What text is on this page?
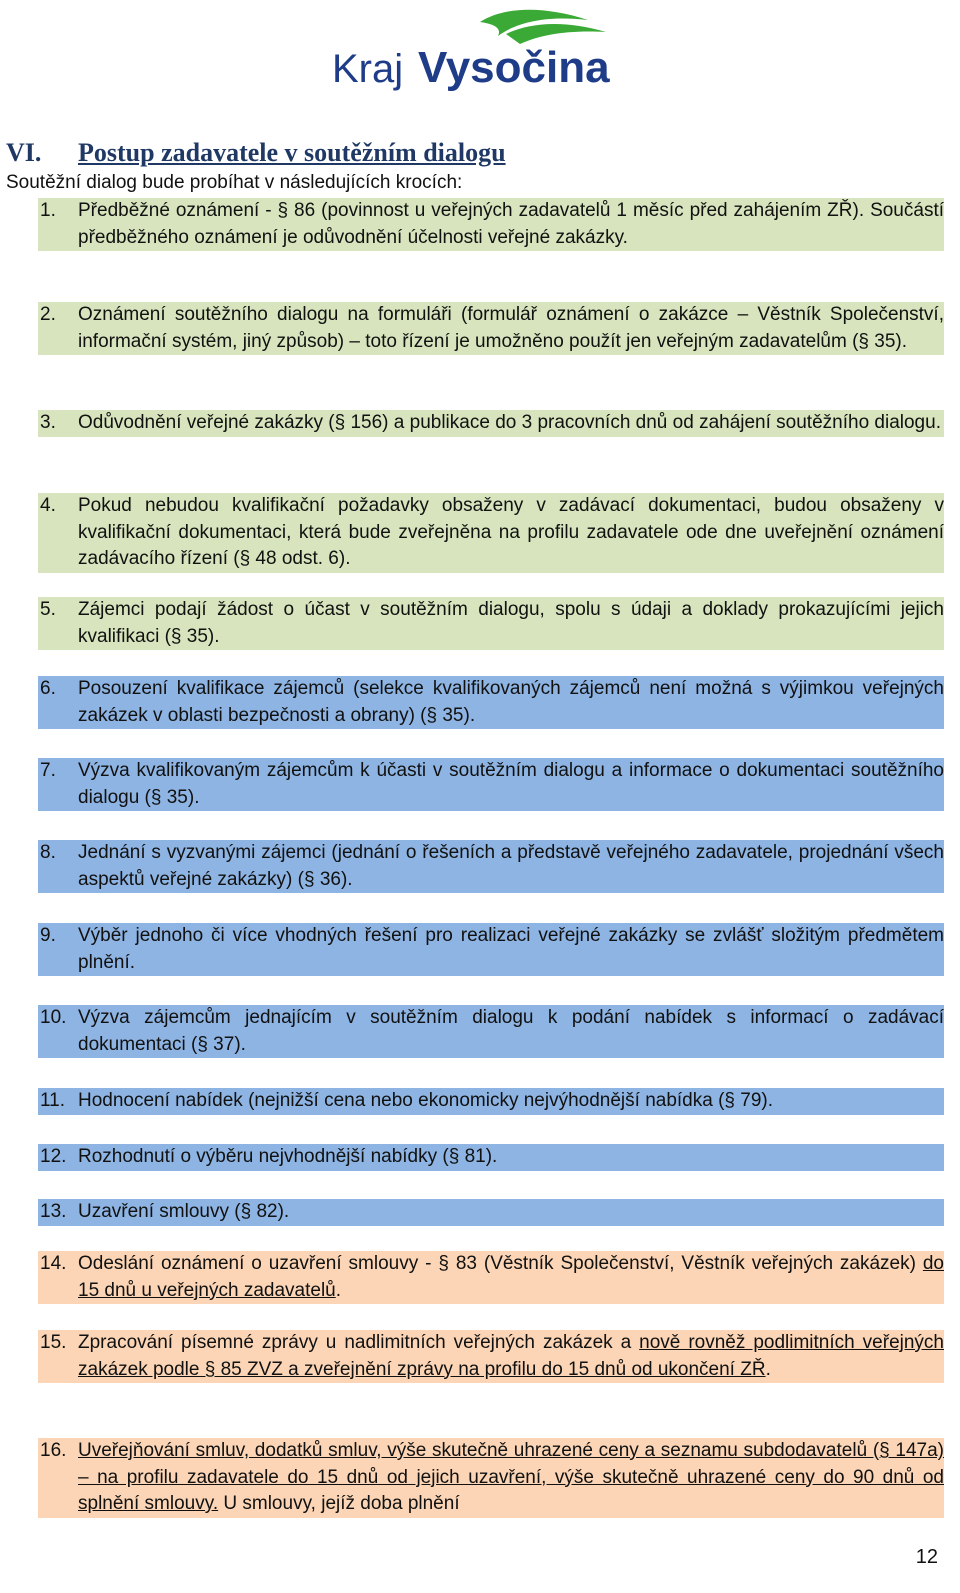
Kraj Vysočina
VI. Postup zadavatele v soutěžním dialogu
Soutěžní dialog bude probíhat v následujících krocích:
1. Předběžné oznámení - § 86 (povinnost u veřejných zadavatelů 1 měsíc před zahájením ZŘ). Součástí předběžného oznámení je odůvodnění účelnosti veřejné zakázky.
2. Oznámení soutěžního dialogu na formuláři (formulář oznámení o zakázce – Věstník Společenství, informační systém, jiný způsob) – toto řízení je umožněno použít jen veřejným zadavatelům (§ 35).
3. Odůvodnění veřejné zakázky (§ 156) a publikace do 3 pracovních dnů od zahájení soutěžního dialogu.
4. Pokud nebudou kvalifikační požadavky obsaženy v zadávací dokumentaci, budou obsaženy v kvalifikační dokumentaci, která bude zveřejněna na profilu zadavatele ode dne uveřejnění oznámení zadávacího řízení (§ 48 odst. 6).
5. Zájemci podají žádost o účast v soutěžním dialogu, spolu s údaji a doklady prokazujícími jejich kvalifikaci (§ 35).
6. Posouzení kvalifikace zájemců (selekce kvalifikovaných zájemců není možná s výjimkou veřejných zakázek v oblasti bezpečnosti a obrany) (§ 35).
7. Výzva kvalifikovaným zájemcům k účasti v soutěžním dialogu a informace o dokumentaci soutěžního dialogu (§ 35).
8. Jednání s vyzvanými zájemci (jednání o řešeních a představě veřejného zadavatele, projednání všech aspektů veřejné zakázky) (§ 36).
9. Výběr jednoho či více vhodných řešení pro realizaci veřejné zakázky se zvlášť složitým předmětem plnění.
10. Výzva zájemcům jednajícím v soutěžním dialogu k podání nabídek s informací o zadávací dokumentaci (§ 37).
11. Hodnocení nabídek (nejnižší cena nebo ekonomicky nejvýhodnější nabídka (§ 79).
12. Rozhodnutí o výběru nejvhodnější nabídky (§ 81).
13. Uzavření smlouvy (§ 82).
14. Odeslání oznámení o uzavření smlouvy - § 83 (Věstník Společenství, Věstník veřejných zakázek) do 15 dnů u veřejných zadavatelů.
15. Zpracování písemné zprávy u nadlimitních veřejných zakázek a nově rovněž podlimitních veřejných zakázek podle § 85 ZVZ a zveřejnění zprávy na profilu do 15 dnů od ukončení ZŘ.
16. Uveřejňování smluv, dodatků smluv, výše skutečně uhrazené ceny a seznamu subdodavatelů (§ 147a) – na profilu zadavatele do 15 dnů od jejich uzavření, výše skutečně uhrazené ceny do 90 dnů od splnění smlouvy. U smlouvy, jejíž doba plnění
12
